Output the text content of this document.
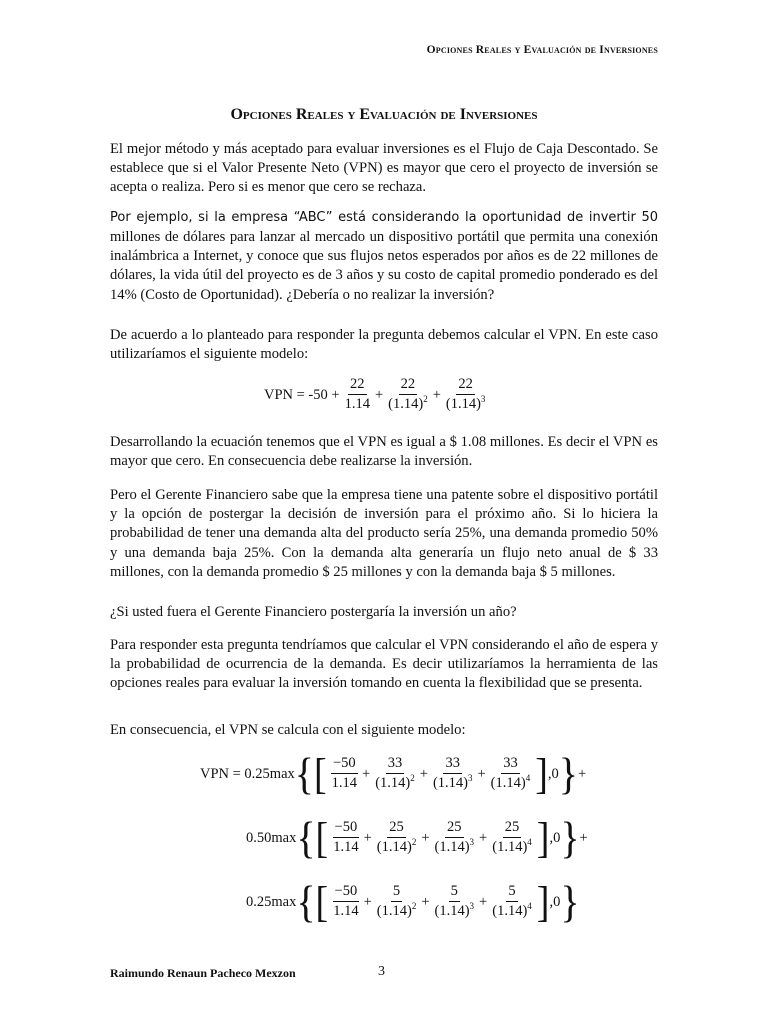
Opciones Reales y Evaluación de Inversiones
Opciones Reales y Evaluación de Inversiones

El mejor método y más aceptado para evaluar inversiones es el Flujo de Caja Descontado. Se establece que si el Valor Presente Neto (VPN) es mayor que cero el proyecto de inversión se acepta o realiza. Pero si es menor que cero se rechaza.

Por ejemplo, si la empresa “ABC” está considerando la oportunidad de invertir 50

millones de dólares para lanzar al mercado un dispositivo portátil que permita una conexión inalámbrica a Internet, y conoce que sus flujos netos esperados por años es de 22 millones de dólares, la vida útil del proyecto es de 3 años y su costo de capital promedio ponderado es del 14% (Costo de Oportunidad). ¿Debería o no realizar la inversión?

De acuerdo a lo planteado para responder la pregunta debemos calcular el VPN. En este caso utilizaríamos el siguiente modelo:

VPN = $-50 + \frac{22}{1.14} + \frac{22}{(1.14)^2} + \frac{22}{(1.14)^3}$

Desarrollando la ecuación tenemos que el VPN es igual a $ 1.08 millones. Es decir el VPN es mayor que cero. En consecuencia debe realizarse la inversión.

Pero el Gerente Financiero sabe que la empresa tiene una patente sobre el dispositivo portátil y la opción de postergar la decisión de inversión para el próximo año. Si lo hiciera la probabilidad de tener una demanda alta del producto sería 25%, una demanda promedio 50% y una demanda baja 25%. Con la demanda alta generaría un flujo neto anual de $ 33 millones, con la demanda promedio $ 25 millones y con la demanda baja $ 5 millones.

¿Si usted fuera el Gerente Financiero postergaría la inversión un año?

Para responder esta pregunta tendríamos que calcular el VPN considerando el año de espera y la probabilidad de ocurrencia de la demanda. Es decir utilizaríamos la herramienta de las opciones reales para evaluar la inversión tomando en cuenta la flexibilidad que se presenta.

En consecuencia, el VPN se calcula con el siguiente modelo:

VPN = 0.25max { [ $\frac{-50}{1.14} + \frac{33}{(1.14)^2} + \frac{33}{(1.14)^3} + \frac{33}{(1.14)^4}$ ] ,0 } +
0.50max { [ $\frac{-50}{1.14} + \frac{25}{(1.14)^2} + \frac{25}{(1.14)^3} + \frac{25}{(1.14)^4}$ ] ,0 } +
0.25max { [ $\frac{-50}{1.14} + \frac{5}{(1.14)^2} + \frac{5}{(1.14)^3} + \frac{5}{(1.14)^4}$ ] ,0 }
Raimundo Renaun Pacheco Mexzon	3
